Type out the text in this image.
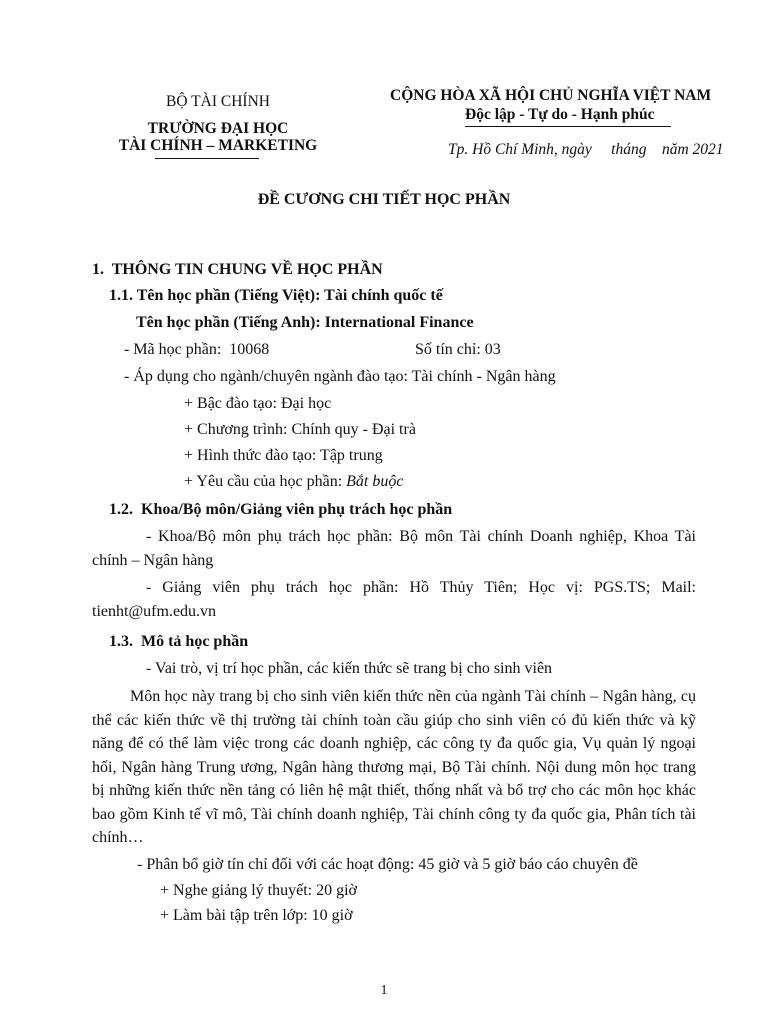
BỘ TÀI CHÍNH
TRƯỜNG ĐẠI HỌC
TÀI CHÍNH – MARKETING
CỘNG HÒA XÃ HỘI CHỦ NGHĨA VIỆT NAM
Độc lập - Tự do - Hạnh phúc
Tp. Hồ Chí Minh, ngày     tháng    năm 2021
ĐỀ CƯƠNG CHI TIẾT HỌC PHẦN
1.  THÔNG TIN CHUNG VỀ HỌC PHẦN
1.1. Tên học phần (Tiếng Việt): Tài chính quốc tế
Tên học phần (Tiếng Anh): International Finance
- Mã học phần:  10068	Số tín chỉ: 03
- Áp dụng cho ngành/chuyên ngành đào tạo: Tài chính - Ngân hàng
+ Bậc đào tạo: Đại học
+ Chương trình: Chính quy - Đại trà
+ Hình thức đào tạo: Tập trung
+ Yêu cầu của học phần: Bắt buộc
1.2.  Khoa/Bộ môn/Giảng viên phụ trách học phần
- Khoa/Bộ môn phụ trách học phần: Bộ môn Tài chính Doanh nghiệp, Khoa Tài chính – Ngân hàng
- Giảng viên phụ trách học phần: Hồ Thủy Tiên; Học vị: PGS.TS; Mail: tienht@ufm.edu.vn
1.3.  Mô tả học phần
- Vai trò, vị trí học phần, các kiến thức sẽ trang bị cho sinh viên
Môn học này trang bị cho sinh viên kiến thức nền của ngành Tài chính – Ngân hàng, cụ thể các kiến thức về thị trường tài chính toàn cầu giúp cho sinh viên có đủ kiến thức và kỹ năng để có thể làm việc trong các doanh nghiệp, các công ty đa quốc gia, Vụ quản lý ngoại hối, Ngân hàng Trung ương, Ngân hàng thương mại, Bộ Tài chính. Nội dung môn học trang bị những kiến thức nền tảng có liên hệ mật thiết, thống nhất và bổ trợ cho các môn học khác bao gồm Kinh tế vĩ mô, Tài chính doanh nghiệp, Tài chính công ty đa quốc gia, Phân tích tài chính…
- Phân bổ giờ tín chỉ đối với các hoạt động: 45 giờ và 5 giờ báo cáo chuyên đề
+ Nghe giảng lý thuyết: 20 giờ
+ Làm bài tập trên lớp: 10 giờ
1
